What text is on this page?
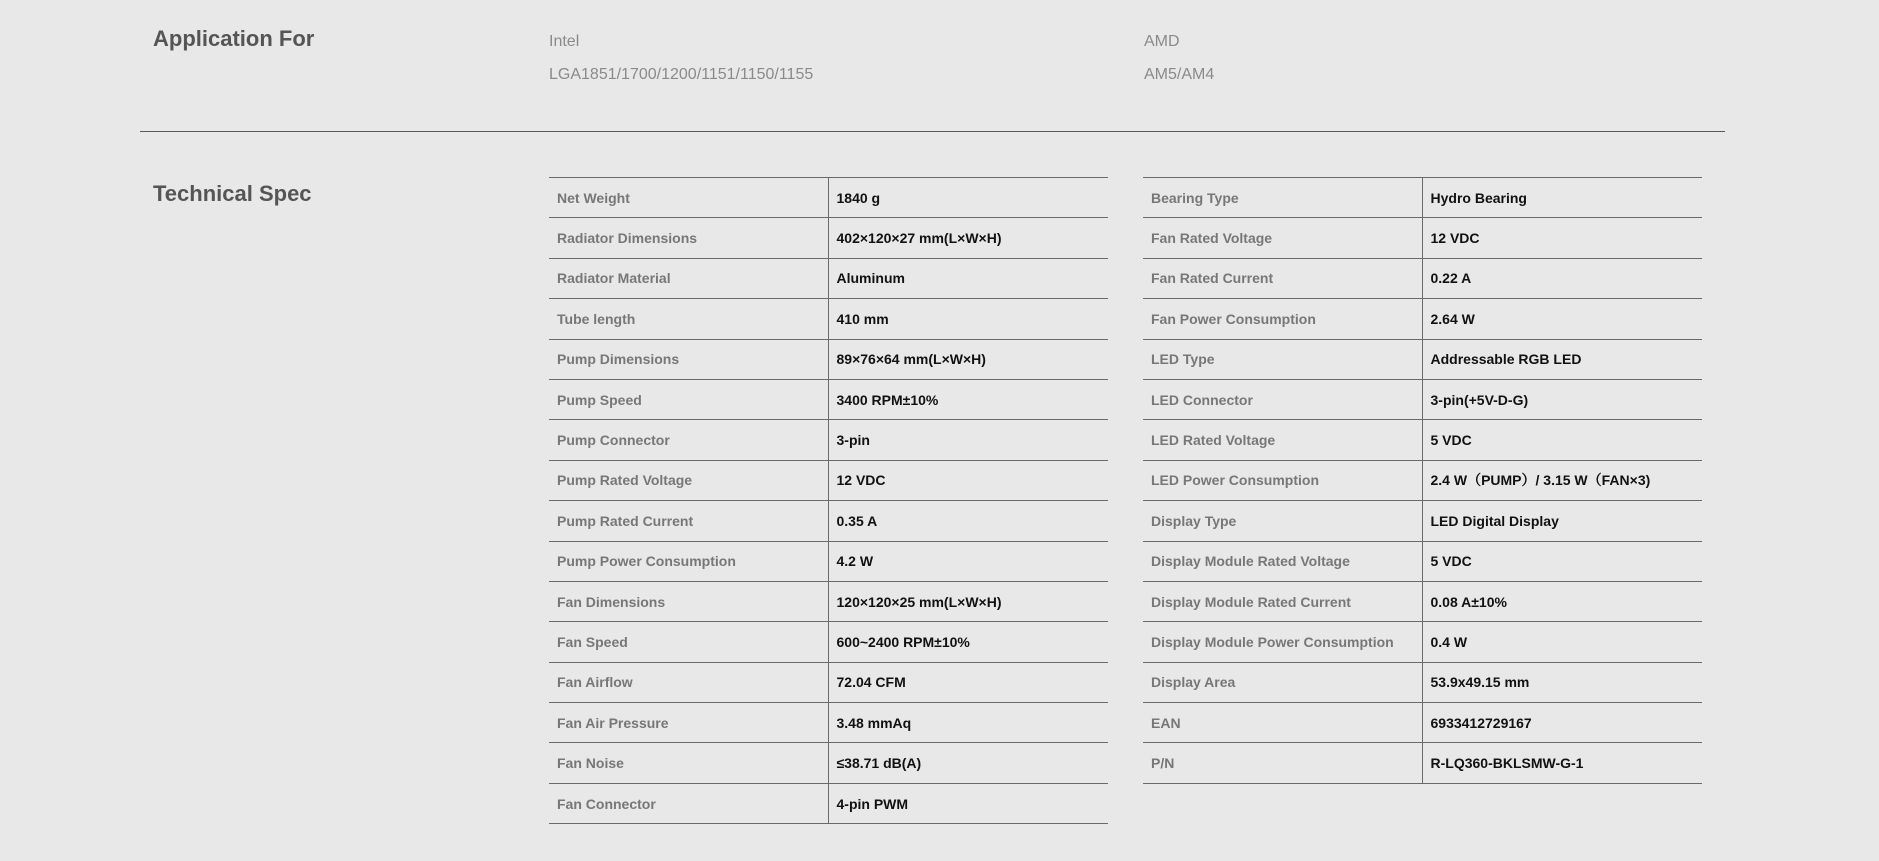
Application For	Intel
LGA1851/1700/1200/1151/1150/1155
AMD
AM5/AM4
Technical Spec	Net Weight	1840 g
Radiator Dimensions	402×120×27 mm(L×W×H)
Radiator Material	Aluminum
Tube length	410 mm
Pump Dimensions	89×76×64 mm(L×W×H)
Pump Speed	3400 RPM±10%
Pump Connector	3-pin
Pump Rated Voltage	12 VDC
Pump Rated Current	0.35 A
Pump Power Consumption	4.2 W
Fan Dimensions	120×120×25 mm(L×W×H)
Fan Speed	600~2400 RPM±10%
Fan Airflow	72.04 CFM
Fan Air Pressure	3.48 mmAq
Fan Noise	≤38.71 dB(A)
Fan Connector	4-pin PWM
Bearing Type	Hydro Bearing
Fan Rated Voltage	12 VDC
Fan Rated Current	0.22 A
Fan Power Consumption	2.64 W
LED Type	Addressable RGB LED
LED Connector	3-pin(+5V-D-G)
LED Rated Voltage	5 VDC
LED Power Consumption	2.4 W（PUMP）/ 3.15 W（FAN×3)
Display Type	LED Digital Display
Display Module Rated Voltage	5 VDC
Display Module Rated Current	0.08 A±10%
Display Module Power Consumption	0.4 W
Display Area	53.9x49.15 mm
EAN	6933412729167
P/N	R-LQ360-BKLSMW-G-1
